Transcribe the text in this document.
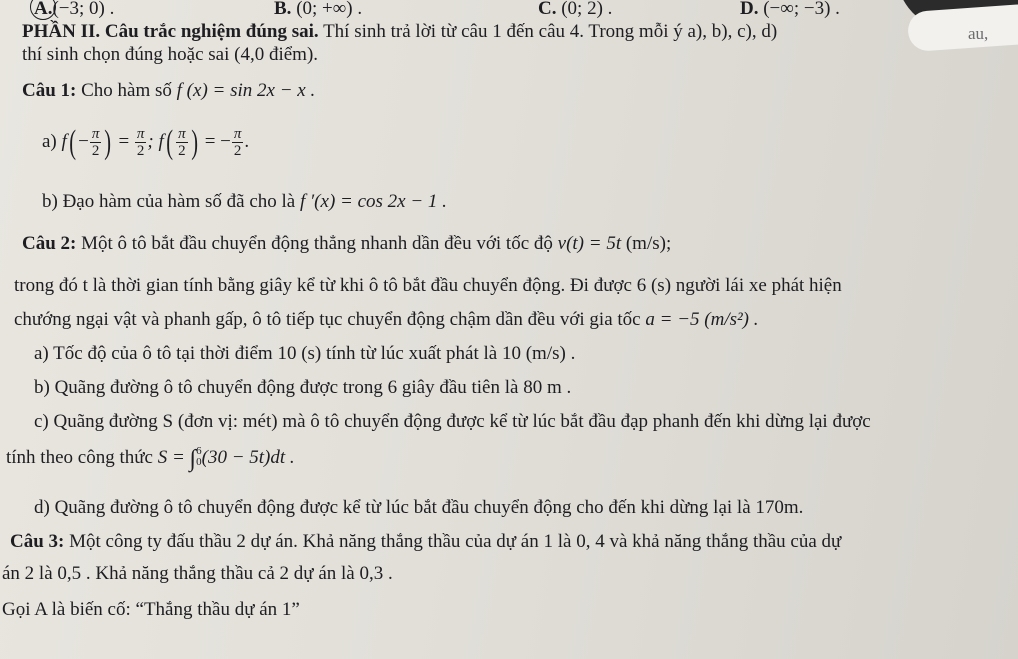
A.(−3; 0) .	B. (0; +∞) .	C. (0; 2) .	D. (−∞; −3) .
PHẦN II. Câu trắc nghiệm đúng sai. Thí sinh trả lời từ câu 1 đến câu 4. Trong mỗi ý a), b), c), d)	au,
thí sinh chọn đúng hoặc sai (4,0 điểm).
Câu 1: Cho hàm số f (x) = sin 2x − x .
a) $f( - \frac{\pi}{2}$ ) = $\frac{\pi}{2}$ ; $f( \frac{\pi}{2}$ ) = − $\frac{\pi}{2}$ .
b) Đạo hàm của hàm số đã cho là f ′(x) = cos 2x − 1 .
Câu 2: Một ô tô bắt đầu chuyển động thẳng nhanh dần đều với tốc độ v(t) = 5t (m/s);
trong đó t là thời gian tính bằng giây kể từ khi ô tô bắt đầu chuyển động. Đi được 6 (s) người lái xe phát hiện
chướng ngại vật và phanh gấp, ô tô tiếp tục chuyển động chậm dần đều với gia tốc a = −5 (m/s²) .
a) Tốc độ của ô tô tại thời điểm 10 (s) tính từ lúc xuất phát là 10 (m/s) .
b) Quãng đường ô tô chuyển động được trong 6 giây đầu tiên là 80 m .
c) Quãng đường S (đơn vị: mét) mà ô tô chuyển động được kể từ lúc bắt đầu đạp phanh đến khi dừng lại được
tính theo công thức S = ∫ 6
0 (30 − 5t)dt .
d) Quãng đường ô tô chuyển động được kể từ lúc bắt đầu chuyển động cho đến khi dừng lại là 170m.
Câu 3: Một công ty đấu thầu 2 dự án. Khả năng thắng thầu của dự án 1 là 0, 4 và khả năng thắng thầu của dự
án 2 là 0,5 . Khả năng thắng thầu cả 2 dự án là 0,3 .
Gọi A là biến cố: “Thắng thầu dự án 1”
